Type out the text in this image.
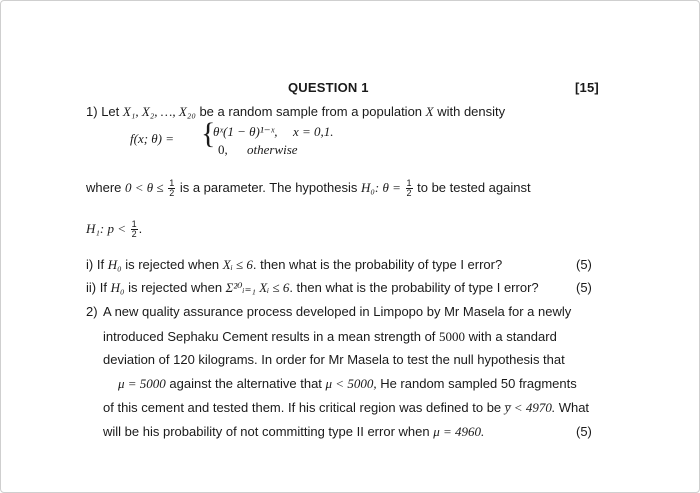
QUESTION 1	[15]
1) Let X₁, X₂, …, X₂₀ be a random sample from a population X with density
f(x; θ) = {
θˣ(1 − θ)¹⁻ˣ, x = 0,1.
0, otherwise
where $0 < \theta \le \frac{1}{2}$ is a parameter. The hypothesis H₀: $\theta = \frac{1}{2}$ to be tested against
H₁: $p < \frac{1}{2}$ .
i) If H₀ is rejected when Xᵢ ≤ 6. then what is the probability of type I error?	(5)
ii) If H₀ is rejected when Σ²⁰ᵢ₌₁ Xᵢ ≤ 6. then what is the probability of type I error?	(5)
2) A new quality assurance process developed in Limpopo by Mr Masela for a newly
introduced Sephaku Cement results in a mean strength of 5000 with a standard
deviation of 120 kilograms. In order for Mr Masela to test the null hypothesis that
μ = 5000 against the alternative that μ < 5000, He random sampled 50 fragments
of this cement and tested them. If his critical region was defined to be y̅ < 4970. What
will be his probability of not committing type II error when μ = 4960.	(5)
